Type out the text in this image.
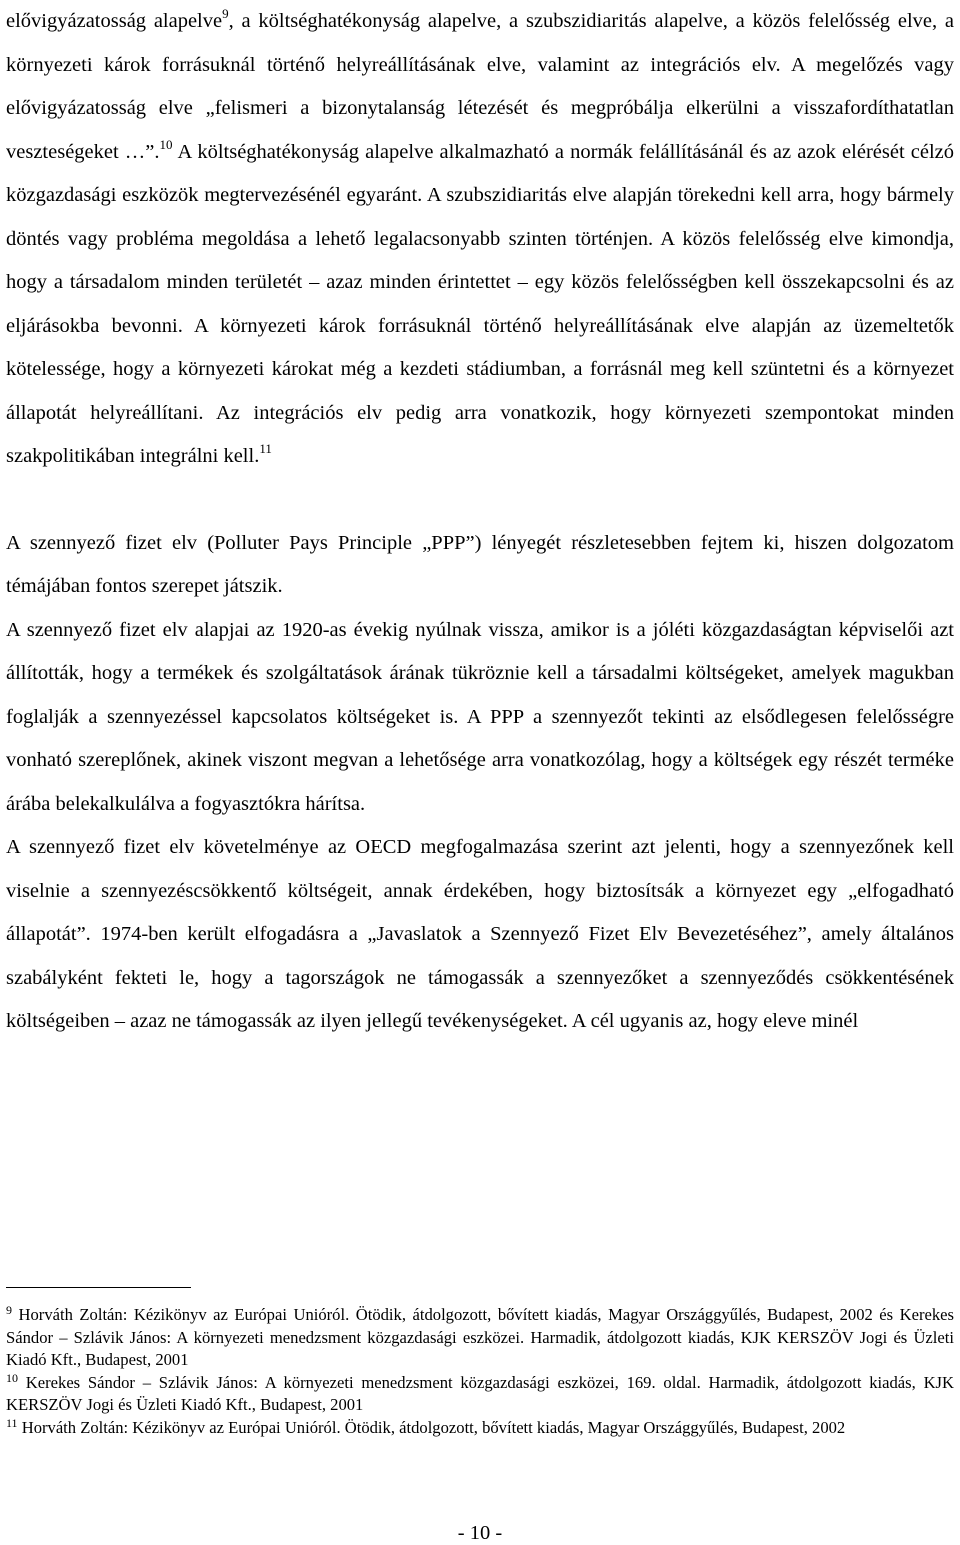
elővigyázatosság alapelve$^9$, a költséghatékonyság alapelve, a szubszidiaritás alapelve, a közös felelősség elve, a környezeti károk forrásuknál történő helyreállításának elve, valamint az integrációs elv. A megelőzés vagy elővigyázatosság elve „felismeri a bizonytalanság létezését és megpróbálja elkerülni a visszafordíthatatlan veszteségeket …”.$^{10}$ A költséghatékonyság alapelve alkalmazható a normák felállításánál és az azok elérését célzó közgazdasági eszközök megtervezésénél egyaránt. A szubszidiaritás elve alapján törekedni kell arra, hogy bármely döntés vagy probléma megoldása a lehető legalacsonyabb szinten történjen. A közös felelősség elve kimondja, hogy a társadalom minden területét – azaz minden érintettet – egy közös felelősségben kell összekapcsolni és az eljárásokba bevonni. A környezeti károk forrásuknál történő helyreállításának elve alapján az üzemeltetők kötelessége, hogy a környezeti károkat még a kezdeti stádiumban, a forrásnál meg kell szüntetni és a környezet állapotát helyreállítani. Az integrációs elv pedig arra vonatkozik, hogy környezeti szempontokat minden szakpolitikában integrálni kell.$^{11}$

A szennyező fizet elv (Polluter Pays Principle „PPP”) lényegét részletesebben fejtem ki, hiszen dolgozatom témájában fontos szerepet játszik.

A szennyező fizet elv alapjai az 1920-as évekig nyúlnak vissza, amikor is a jóléti közgazdaságtan képviselői azt állították, hogy a termékek és szolgáltatások árának tükröznie kell a társadalmi költségeket, amelyek magukban foglalják a szennyezéssel kapcsolatos költségeket is. A PPP a szennyezőt tekinti az elsődlegesen felelősségre vonható szereplőnek, akinek viszont megvan a lehetősége arra vonatkozólag, hogy a költségek egy részét terméke árába belekalkulálva a fogyasztókra hárítsa.

A szennyező fizet elv követelménye az OECD megfogalmazása szerint azt jelenti, hogy a szennyezőnek kell viselnie a szennyezéscsökkentő költségeit, annak érdekében, hogy biztosítsák a környezet egy „elfogadható állapotát”. 1974-ben került elfogadásra a „Javaslatok a Szennyező Fizet Elv Bevezetéséhez”, amely általános szabályként fekteti le, hogy a tagországok ne támogassák a szennyezőket a szennyeződés csökkentésének költségeiben – azaz ne támogassák az ilyen jellegű tevékenységeket. A cél ugyanis az, hogy eleve minél

$^9$ Horváth Zoltán: Kézikönyv az Európai Unióról. Ötödik, átdolgozott, bővített kiadás, Magyar Országgyűlés, Budapest, 2002 és Kerekes Sándor – Szlávik János: A környezeti menedzsment közgazdasági eszközei. Harmadik, átdolgozott kiadás, KJK KERSZÖV Jogi és Üzleti Kiadó Kft., Budapest, 2001

$^{10}$ Kerekes Sándor – Szlávik János: A környezeti menedzsment közgazdasági eszközei, 169. oldal. Harmadik, átdolgozott kiadás, KJK KERSZÖV Jogi és Üzleti Kiadó Kft., Budapest, 2001

$^{11}$ Horváth Zoltán: Kézikönyv az Európai Unióról. Ötödik, átdolgozott, bővített kiadás, Magyar Országgyűlés, Budapest, 2002

- 10 -
